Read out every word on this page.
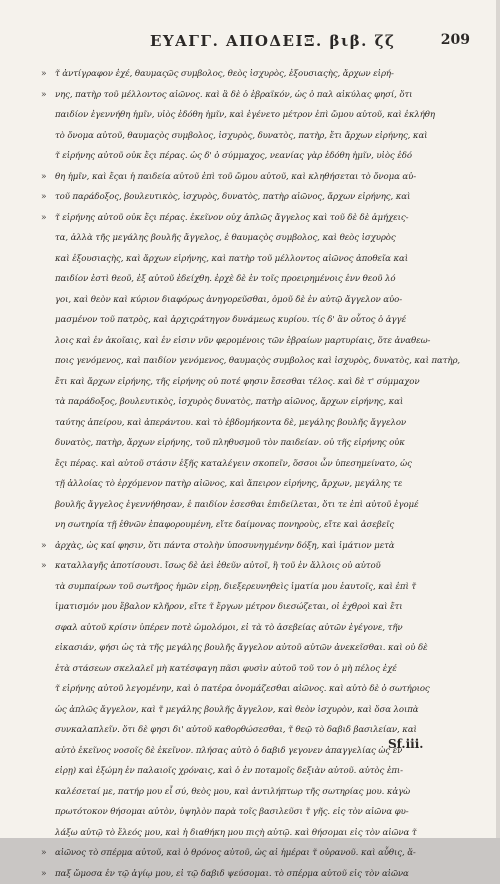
ΕΥΑΓΓ. ΑΠΟΔΕΙΞ. βιβ. ζζ	209
» τ̃ ἀντίγραφον ἐχέ, θαυμαςῶς συμβολος, θεὸς ἰσχυρὸς, ἐξουσιαςὴς, ἄρχων εἰρή-
» νης, πατὴρ τοῦ μέλλοντος αἰῶνος. καὶ ἃ δὲ ὁ ἑβραϊκόν, ὡς ὁ παλ αἰκύλας φησί, ὅτι
παιδίον ἐγεννήθη ἡμῖν, υἱὸς ἐδόθη ἡμῖν, καὶ ἐγένετο μέτρον ἐπὶ ὤμου αὐτοῦ, καὶ ἐκλήθη
τὸ ὄνομα αὐτοῦ, θαυμαςὸς συμβολος, ἰσχυρὸς, δυνατὸς, πατὴρ, ἔτι ἄρχων εἰρήνης, καὶ
τ̃ εἰρήνης αὐτοῦ οὐκ ἔςι πέρας. ὡς δ' ὁ σύμμαχος, νεανίας γὰρ ἐδόθη ἡμῖν, υἱὸς ἐδό
» θη ἡμῖν, καὶ ἔςαι ἡ παιδεία αὐτοῦ ἐπὶ τοῦ ὤμου αὐτοῦ, καὶ κληθήσεται τὸ ὄνομα αὐ-
» τοῦ παράδοξος, βουλευτικὸς, ἰσχυρὸς, δυνατὸς, πατὴρ αἰῶνος, ἄρχων εἰρήνης, καὶ
» τ̃ εἰρήνης αὐτοῦ οὐκ ἔςι πέρας. ἐκεῖνον οὐχ ἁπλῶς ἄγγελος καὶ τοῦ δὲ δὲ ἀμήχεις-
τα, ἀλλὰ τῆς μεγάλης βουλῆς ἄγγελος, ἐ θαυμαςὸς συμβολος, καὶ θεὸς ἰσχυρὸς
καὶ ἐξουσιαςὴς, καὶ ἄρχων εἰρήνης, καὶ πατὴρ τοῦ μέλλοντος αἰῶνος ἀποθεῖα καὶ
παιδίον ἐστὶ θεοῦ, ἐξ αὐτοῦ ἐδείχθη. ἐρχὲ δὲ ἐν τοῖς προειρημένοις ἐνν θεοῦ λό
γοι, καὶ θεὸν καὶ κύριον διαφόρως ἀνηγορεῦσθαι, ὁμοῦ δὲ ἐν αὐτῷ ἄγγελον αὐο-
μασμένον τοῦ πατρὸς, καὶ ἀρχιςράτηγον δυνάμεως κυρίου. τίς δ' ἂν οὗτος ὁ ἀγγέ
λοις καὶ ἐν ἀκοῖαις, καὶ ἐν εἰσιν νῦν φερομένοις τῶν ἑβραίων μαρτυρίαις, ὅτε ἀναθεω-
ποις γενόμενος, καὶ παιδίον γενόμενος, θαυμαςὸς συμβολος καὶ ἰσχυρὸς, δυνατὸς, καὶ πατὴρ,
ἔτι καὶ ἄρχων εἰρήνης, τῆς εἰρήνης οὐ ποτέ φησιν ἔσεσθαι τέλος. καὶ δὲ τ' σύμμαχον
τὰ παράδοξος, βουλευτικὸς, ἰσχυρὸς δυνατὸς, πατὴρ αἰῶνος, ἄρχων εἰρήνης, καὶ
ταύτης ἀπείρου, καὶ ἀπεράντου. καὶ τὸ ἑβδομήκοντα δὲ, μεγάλης βουλῆς ἄγγελον
δυνατὸς, πατὴρ, ἄρχων εἰρήνης, τοῦ πληθυσμοῦ τὸν παιδείαν. οὐ τῆς εἰρήνης οὐκ
ἔςι πέρας. καὶ αὐτοῦ στάσιν ἐξῆς καταλέγειν σκοπεῖν, ὅσσοι ὧν ὑπεσημείνατο, ὡς
τῇ ἀλλοίας τὸ ἐρχόμενον πατὴρ αἰῶνος, καὶ ἄπειρον εἰρήνης, ἄρχων, μεγάλης τε
βουλῆς ἄγγελος ἐγεννήθησαν, ἐ παιδίον ἐσεσθαι ἐπιδείλεται, ὅτι τε ἐπὶ αὐτοῦ ἐγομέ
νη σωτηρία τῇ ἐθνῶν ἐπαφορουμένη, εἴτε δαίμονας πονηροὺς, εἴτε καὶ ἀσεβεῖς
» ἀρχὰς, ὡς καί φησιν, ὅτι πάντα στολὴν ὑποσυνηγμένην δόξη, καὶ ἱμάτιον μετὰ
» καταλλαγῆς ἀποτίσουσι. ἴσως δὲ ἀεὶ ἐθεῦν αὐτοῖ, ἢ τοῦ ἐν ἄλλοις οὐ αὐτοῦ
τὰ συμπαίρων τοῦ σωτῆρος ἡμῶν εἰρῃ, διεξερευνηθεὶς ἱματία μου ἑαυτοῖς, καὶ ἐπὶ τ̃
ἱματισμόν μου ἔβαλον κλῆρον, εἴτε τ̃ ἔργων μέτρον διεσώζεται, οἱ ἐχθροὶ καὶ ἔτι
σφαλ αὐτοῦ κρίσιν ὑπέρεν ποτὲ ὡμολόμοι, εἰ τὰ τὸ ἀσεβείας αὐτῶν ἐγέγονε, τῆν
εἰκασιάν, φήσι ὡς τὰ τῆς μεγάλης βουλῆς ἄγγελον αὐτοῦ αὐτῶν ἀνεκεῖσθαι. καὶ οὐ δὲ
ἐτὰ στάσεων σκελαλεῖ μὴ κατέσφαγη πᾶσι φυσὶν αὐτοῦ τοῦ τον ὁ μὴ πέλος ἐχέ
τ̃ εἰρήνης αὐτοῦ λεγομένην, καὶ ὁ πατέρα ὀνομάζεσθαι αἰῶνος. καὶ αὐτὸ δὲ ὁ σωτήριος
ὡς ἁπλῶς ἄγγελον, καὶ τ̃ μεγάλης βουλῆς ἄγγελον, καὶ θεὸν ἰσχυρὸν, καὶ ὅσα λοιπὰ
συνκαλαπλεῖν. ὅτι δὲ φησι δι' αὐτοῦ καθορθώσεσθαι, τ̃ θεῷ τὸ δαβιδ βασιλείαν, καὶ
αὐτὸ ἐκεῖνος νοσοῖς δὲ ἐκεῖνον. πλήσας αὐτὸ ὁ δαβιδ γεγονεν ἀπαγγελίας ὡς ἐν
εἰρῃ) καὶ ἐξώμη ἐν παλαιοῖς χρόναις, καὶ ὁ ἐν ποταμοῖς δεξιὰν αὐτοῦ. αὐτὸς ἐπι-
καλέσεταί με, πατήρ μου εἶ σύ, θεὸς μου, καὶ ἀντιλήπτωρ τῆς σωτηρίας μου. κἀγὼ
πρωτότοκον θήσομαι αὐτὸν, ὑψηλὸν παρὰ τοῖς βασιλεῦσι τ̃ γῆς. εἰς τὸν αἰῶνα φυ-
λάξω αὐτῷ τὸ ἔλεός μου, καὶ ἡ διαθήκη μου πιςὴ αὐτῷ. καὶ θήσομαι εἰς τὸν αἰῶνα τ̃
» αἰῶνος τὸ σπέρμα αὐτοῦ, καὶ ὁ θρόνος αὐτοῦ, ὡς αἱ ἡμέραι τ̃ οὐρανοῦ. καὶ αὖθις, ἅ-
» παξ ὤμοσα ἐν τῷ ἁγίῳ μου, εἰ τῷ δαβιδ ψεύσομαι. τὸ σπέρμα αὐτοῦ εἰς τὸν αἰῶνα
Sf.iii.
